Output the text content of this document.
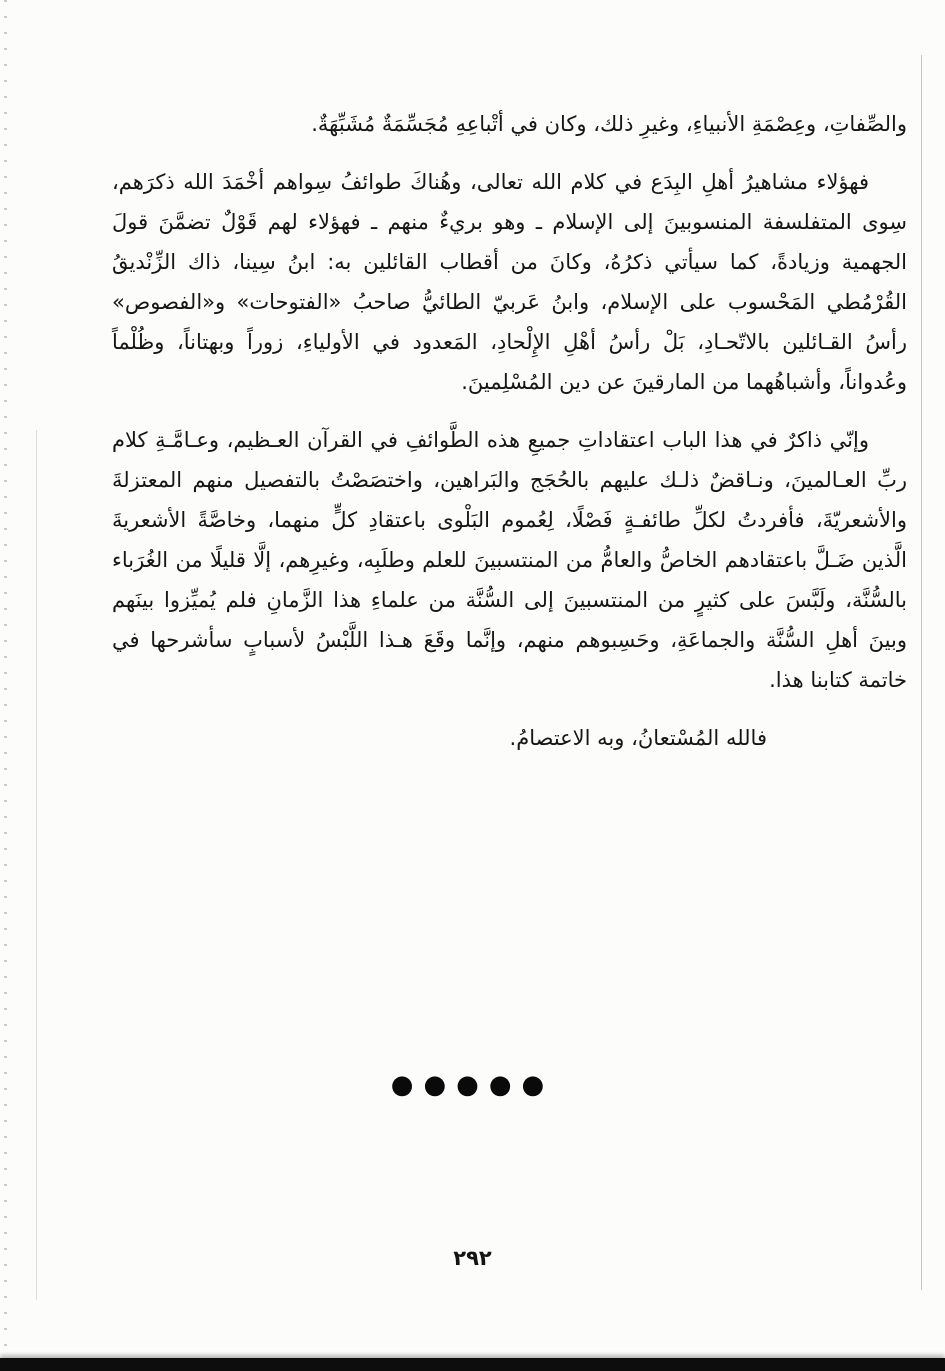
والصِّفاتِ، وعِصْمَةِ الأنبياءِ، وغيرِ ذلك، وكان في أتْباعِهِ مُجَسِّمَةٌ مُشَبِّهَةٌ.

فهؤلاء مشاهيرُ أهلِ البِدَع في كلام الله تعالى، وهُناكَ طوائفُ سِواهم أخْمَدَ الله ذكرَهم، سِوى المتفلسفة المنسوبينَ إلى الإسلام ـ وهو بريءٌ منهم ـ فهؤلاء لهم قَوْلٌ تضمَّنَ قولَ الجهمية وزيادةً، كما سيأتي ذكرُهُ، وكانَ من أقطاب القائلين به: ابنُ سِينا، ذاك الزِّنْديقُ القُرْمُطي المَحْسوب على الإسلام، وابنُ عَربيّ الطائيُّ صاحبُ «الفتوحات» و«الفصوص» رأسُ القـائلين بالاتّحـادِ، بَلْ رأسُ أهْلِ الإِلْحادِ، المَعدود في الأولياءِ، زوراً وبهتاناً، وظُلْماً وعُدواناً، وأشباهُهما من المارقينَ عن دين المُسْلِمينَ.

وإنّي ذاكرٌ في هذا الباب اعتقاداتِ جميعِ هذه الطَّوائفِ في القرآن العـظيم، وعـامَّـةِ كلام ربِّ العـالمينَ، ونـاقضٌ ذلـك عليهم بالحُجَج والبَراهين، واختصَصْتُ بالتفصيل منهم المعتزلةَ والأشعريّةَ، فأفردتُ لكلِّ طائفـةٍ فَصْلًا، لِعُموم البَلْوى باعتقادِ كلٍّ منهما، وخاصَّةً الأشعريةَ الَّذين ضَـلَّ باعتقادهم الخاصُّ والعامُّ من المنتسبينَ للعلم وطلَبِه، وغيرِهم، إلَّا قليلًا من الغُرَباء بالسُّنَّة، ولَبَّسَ على كثيرٍ من المنتسبينَ إلى السُّنَّة من علماءِ هذا الزَّمانِ فلم يُميِّزوا بينَهم وبينَ أهلِ السُّنَّة والجماعَةِ، وحَسِبوهم منهم، وإنَّما وقَعَ هـذا اللَّبْسُ لأسبابٍ سأشرحها في خاتمة كتابنا هذا.

فالله المُسْتعانُ، وبه الاعتصامُ.

●●●●●
٢٩٢
